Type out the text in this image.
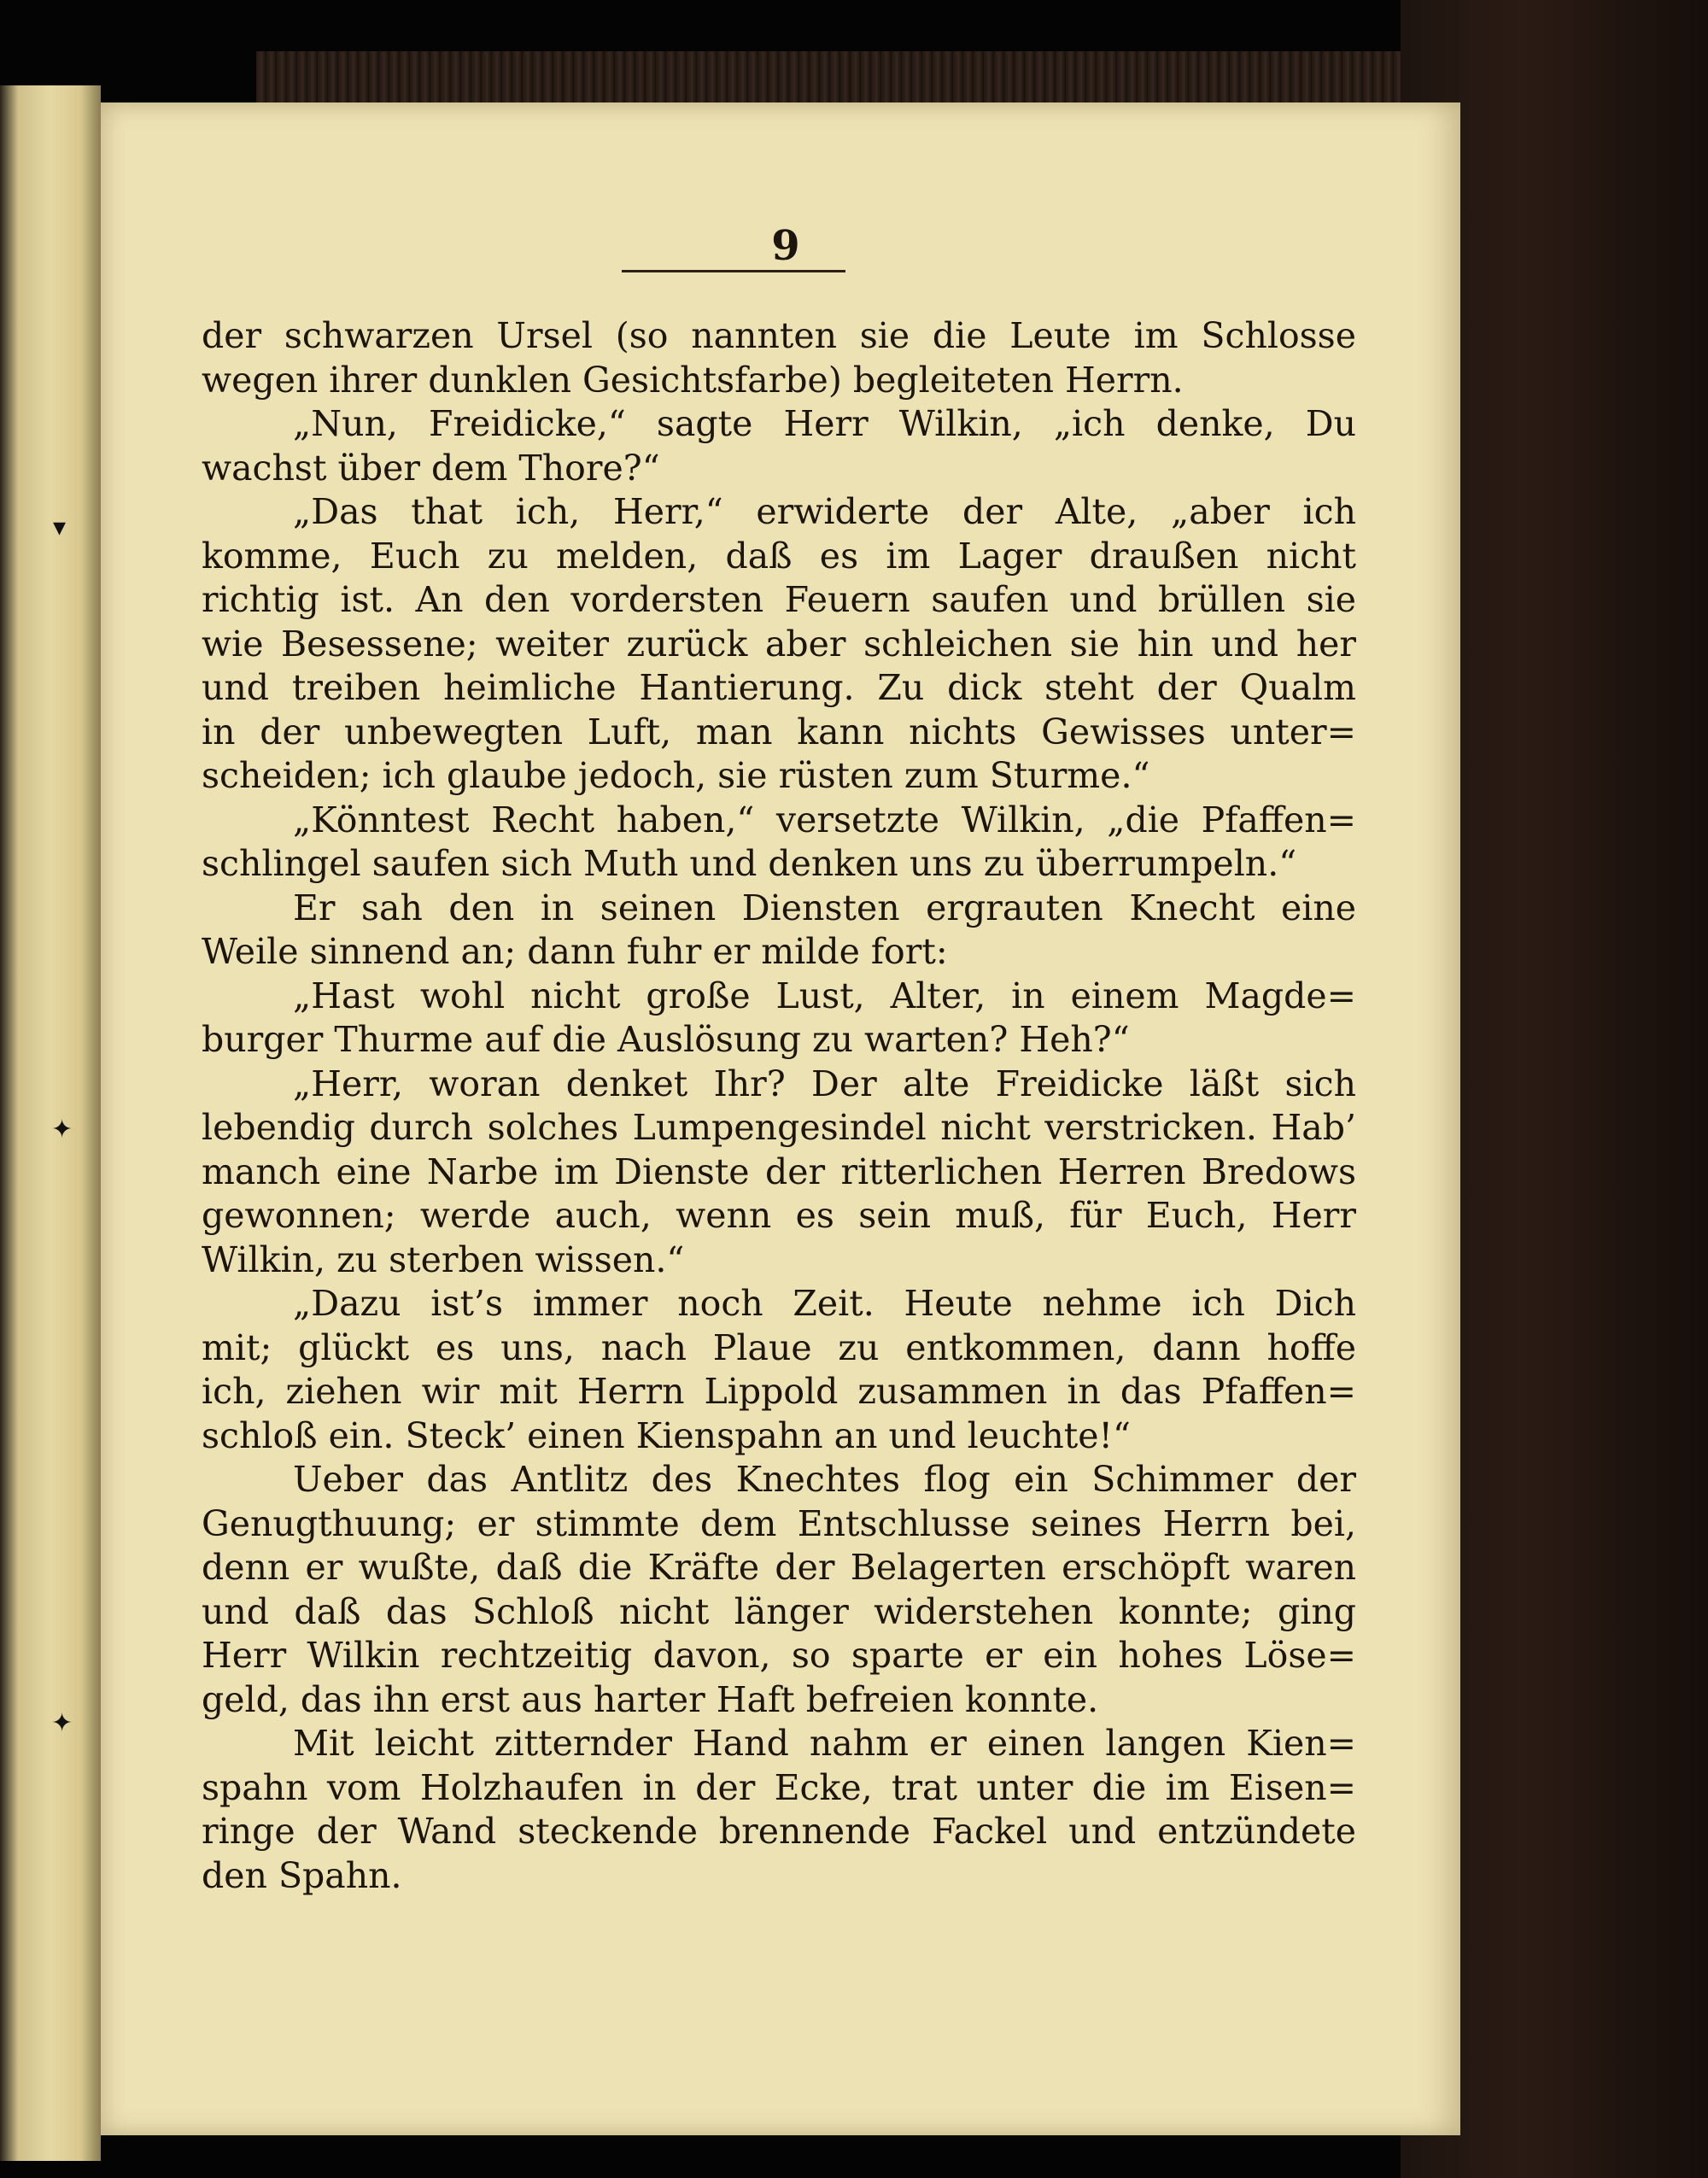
9
der schwarzen Ursel (so nannten sie die Leute im Schlosse
wegen ihrer dunklen Gesichtsfarbe) begleiteten Herrn.
„Nun, Freidicke,“ sagte Herr Wilkin, „ich denke, Du
wachst über dem Thore?“
„Das that ich, Herr,“ erwiderte der Alte, „aber ich
komme, Euch zu melden, daß es im Lager draußen nicht
richtig ist. An den vordersten Feuern saufen und brüllen sie
wie Besessene; weiter zurück aber schleichen sie hin und her
und treiben heimliche Hantierung. Zu dick steht der Qualm
in der unbewegten Luft, man kann nichts Gewisses unter=
scheiden; ich glaube jedoch, sie rüsten zum Sturme.“
„Könntest Recht haben,“ versetzte Wilkin, „die Pfaffen=
schlingel saufen sich Muth und denken uns zu überrumpeln.“
Er sah den in seinen Diensten ergrauten Knecht eine
Weile sinnend an; dann fuhr er milde fort:
„Hast wohl nicht große Lust, Alter, in einem Magde=
burger Thurme auf die Auslösung zu warten? Heh?“
„Herr, woran denket Ihr? Der alte Freidicke läßt sich
lebendig durch solches Lumpengesindel nicht verstricken. Hab’
manch eine Narbe im Dienste der ritterlichen Herren Bredows
gewonnen; werde auch, wenn es sein muß, für Euch, Herr
Wilkin, zu sterben wissen.“
„Dazu ist’s immer noch Zeit. Heute nehme ich Dich
mit; glückt es uns, nach Plaue zu entkommen, dann hoffe
ich, ziehen wir mit Herrn Lippold zusammen in das Pfaffen=
schloß ein. Steck’ einen Kienspahn an und leuchte!“
Ueber das Antlitz des Knechtes flog ein Schimmer der
Genugthuung; er stimmte dem Entschlusse seines Herrn bei,
denn er wußte, daß die Kräfte der Belagerten erschöpft waren
und daß das Schloß nicht länger widerstehen konnte; ging
Herr Wilkin rechtzeitig davon, so sparte er ein hohes Löse=
geld, das ihn erst aus harter Haft befreien konnte.
Mit leicht zitternder Hand nahm er einen langen Kien=
spahn vom Holzhaufen in der Ecke, trat unter die im Eisen=
ringe der Wand steckende brennende Fackel und entzündete
den Spahn.
▾
✦
✦
